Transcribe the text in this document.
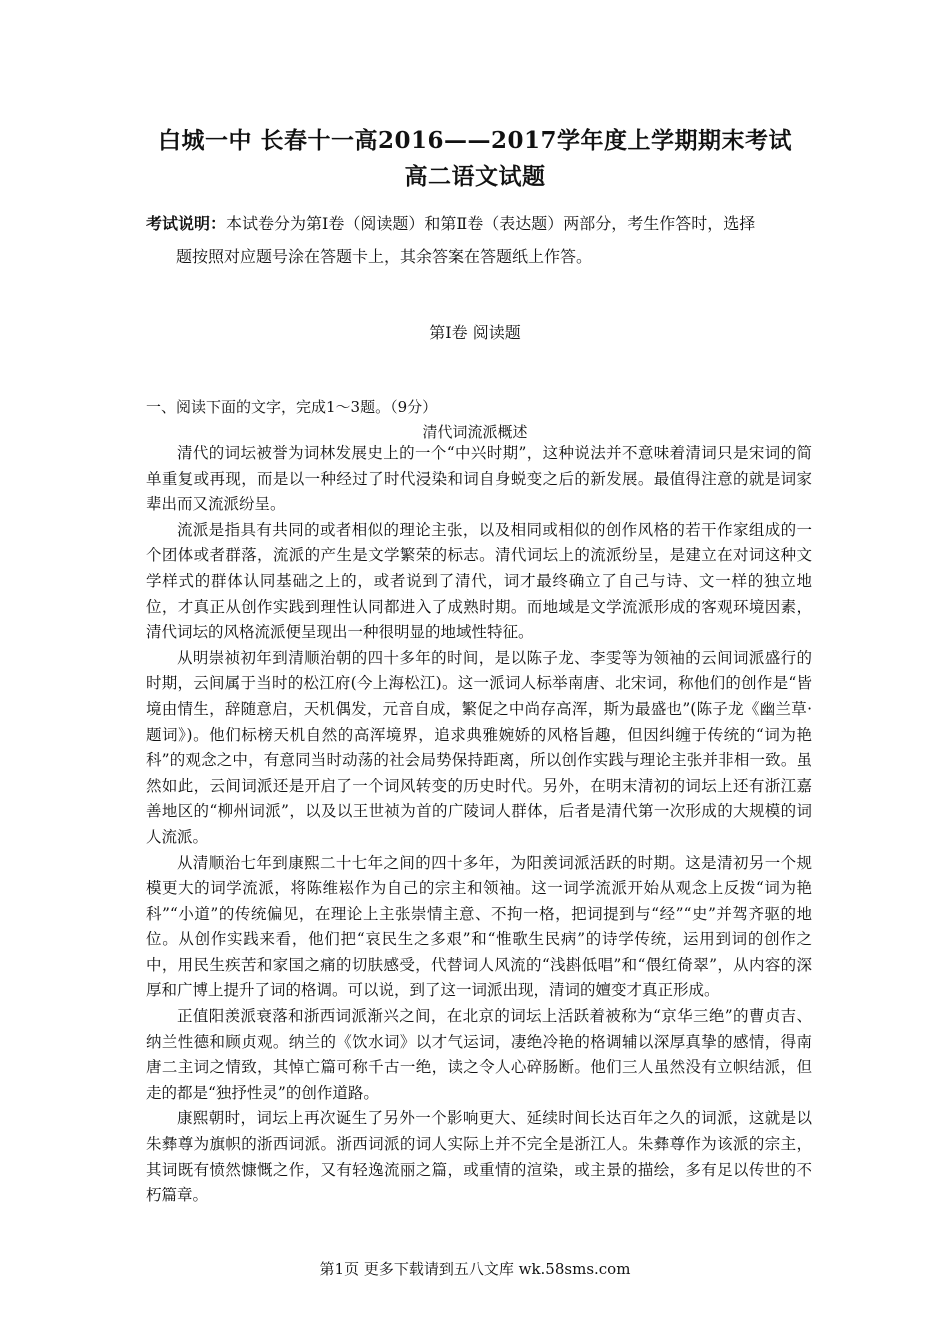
白城一中 长春十一高2016——2017学年度上学期期末考试
高二语文试题
考试说明：本试卷分为第Ⅰ卷（阅读题）和第Ⅱ卷（表达题）两部分，考生作答时，选择
题按照对应题号涂在答题卡上，其余答案在答题纸上作答。
第Ⅰ卷 阅读题
一、阅读下面的文字，完成1～3题。（9分）
清代词流派概述

清代的词坛被誉为词林发展史上的一个“中兴时期”，这种说法并不意味着清词只是宋词的简单重复或再现，而是以一种经过了时代浸染和词自身蜕变之后的新发展。最值得注意的就是词家辈出而又流派纷呈。

流派是指具有共同的或者相似的理论主张，以及相同或相似的创作风格的若干作家组成的一个团体或者群落，流派的产生是文学繁荣的标志。清代词坛上的流派纷呈，是建立在对词这种文学样式的群体认同基础之上的，或者说到了清代，词才最终确立了自己与诗、文一样的独立地位，才真正从创作实践到理性认同都进入了成熟时期。而地域是文学流派形成的客观环境因素，清代词坛的风格流派便呈现出一种很明显的地域性特征。

从明崇祯初年到清顺治朝的四十多年的时间，是以陈子龙、李雯等为领袖的云间词派盛行的时期，云间属于当时的松江府(今上海松江)。这一派词人标举南唐、北宋词，称他们的创作是“皆境由情生，辞随意启，天机偶发，元音自成，繁促之中尚存高浑，斯为最盛也”(陈子龙《幽兰草·题词》)。他们标榜天机自然的高浑境界，追求典雅婉娇的风格旨趣，但因纠缠于传统的“词为艳科”的观念之中，有意同当时动荡的社会局势保持距离，所以创作实践与理论主张并非相一致。虽然如此，云间词派还是开启了一个词风转变的历史时代。另外，在明末清初的词坛上还有浙江嘉善地区的“柳州词派”，以及以王世祯为首的广陵词人群体，后者是清代第一次形成的大规模的词人流派。

从清顺治七年到康熙二十七年之间的四十多年，为阳羡词派活跃的时期。这是清初另一个规模更大的词学流派，将陈维崧作为自己的宗主和领袖。这一词学流派开始从观念上反拨“词为艳科”“小道”的传统偏见，在理论上主张崇情主意、不拘一格，把词提到与“经”“史”并驾齐驱的地位。从创作实践来看，他们把“哀民生之多艰”和“惟歌生民病”的诗学传统，运用到词的创作之中，用民生疾苦和家国之痛的切肤感受，代替词人风流的“浅斟低唱”和“偎红倚翠”，从内容的深厚和广博上提升了词的格调。可以说，到了这一词派出现，清词的嬗变才真正形成。

正值阳羡派衰落和浙西词派渐兴之间，在北京的词坛上活跃着被称为“京华三绝”的曹贞吉、纳兰性德和顾贞观。纳兰的《饮水词》以才气运词，凄绝冷艳的格调辅以深厚真挚的感情，得南唐二主词之情致，其悼亡篇可称千古一绝，读之令人心碎肠断。他们三人虽然没有立帜结派，但走的都是“独抒性灵”的创作道路。

康熙朝时，词坛上再次诞生了另外一个影响更大、延续时间长达百年之久的词派，这就是以朱彝尊为旗帜的浙西词派。浙西词派的词人实际上并不完全是浙江人。朱彝尊作为该派的宗主，其词既有愤然慷慨之作，又有轻逸流丽之篇，或重情的渲染，或主景的描绘，多有足以传世的不朽篇章。

第1页 更多下载请到五八文库 wk.58sms.com
